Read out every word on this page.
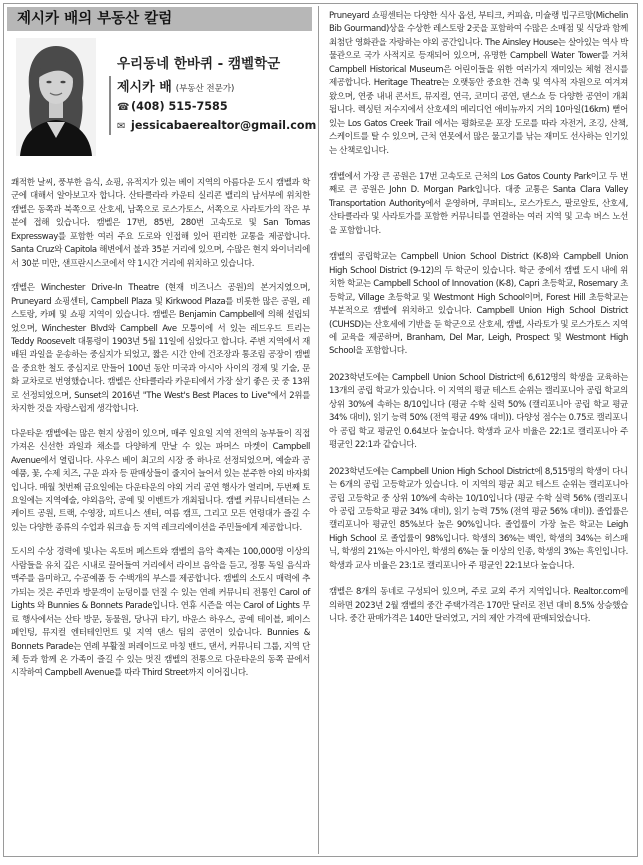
제시카 배의 부동산 칼럼
우리동네 한바퀴 - 캠벨학군
제시카 배 (부동산 전문가)
☎ (408) 515-7585
✉ jessicabaerealtor@gmail.com

쾌적한 날씨, 풍부한 음식, 쇼핑, 유적지가 있는 베이 지역의 아름다운 도시 캠벨과 학군에 대해서 알아보고자 합니다. 산타클라라 카운티 실리콘 밸리의 남서부에 위치한 캠벨은 동쪽과 북쪽으로 산호세, 남쪽으로 로스가토스, 서쪽으로 사라토가의 작은 부분에 접해 있습니다. 캠벨은 17번, 85번, 280번 고속도로 및 San Tomas Expressway를 포함한 여러 주요 도로와 인접해 있어 편리한 교통을 제공합니다. Santa Cruz와 Capitola 해변에서 불과 35분 거리에 있으며, 수많은 현지 와이너리에서 30분 미만, 샌프란시스코에서 약 1시간 거리에 위치하고 있습니다.

캠벨은 Winchester Drive-In Theatre (현재 비즈니스 공원)의 본거지였으며, Pruneyard 쇼핑센터, Campbell Plaza 및 Kirkwood Plaza를 비롯한 많은 공원, 레스토랑, 카페 및 쇼핑 지역이 있습니다. 캠벨은 Benjamin Campbell에 의해 설립되었으며, Winchester Blvd와 Campbell Ave 모퉁이에 서 있는 레드우드 트리는 Teddy Roosevelt 대통령이 1903년 5월 11일에 심었다고 합니다. 주변 지역에서 재배된 과일을 운송하는 중심지가 되었고, 짧은 시간 안에 건조장과 통조림 공장이 캠벨을 중요한 철도 중심지로 만들어 100년 동안 미국과 아시아 사이의 경제 및 기술, 문화 교차로로 번영했습니다. 캠벨은 산타클라라 카운티에서 가장 살기 좋은 곳 중 13위로 선정되었으며, Sunset의 2016년 "The West's Best Places to Live"에서 2위를 차지한 것을 자랑스럽게 생각합니다.

다운타운 캠벨에는 많은 현지 상점이 있으며, 매주 일요일 지역 전역의 농부들이 직접 가져온 신선한 과일과 채소를 다양하게 만날 수 있는 파머스 마켓이 Campbell Avenue에서 열립니다. 사우스 베이 최고의 시장 중 하나로 선정되었으며, 예술과 공예품, 꽃, 수제 치즈, 구운 과자 등 판매상들이 줄지어 늘어서 있는 분주한 야외 바자회입니다. 매월 첫번째 금요일에는 다운타운의 야외 거리 공연 행사가 열리며, 두번째 토요일에는 지역예술, 야외음악, 공예 및 이벤트가 개최됩니다. 캠벨 커뮤니티센터는 스케이트 공원, 트랙, 수영장, 피트니스 센터, 여름 캠프, 그리고 모든 연령대가 즐길 수 있는 다양한 종류의 수업과 워크숍 등 지역 레크리에이션을 주민들에게 제공합니다.

도시의 수상 경력에 빛나는 옥토버 페스트와 캠벨의 음악 축제는 100,000명 이상의 사람들을 유치 깊은 시내로 끌어들여 거리에서 라이브 음악을 듣고, 정통 독일 음식과 맥주를 음미하고, 수공예품 등 수백개의 부스를 제공합니다. 캠벨의 소도시 매력에 추가되는 것은 주민과 방문객이 눈덩이를 던질 수 있는 연례 커뮤니티 전통인 Carol of Lights 와 Bunnies & Bonnets Parade입니다. 연휴 시즌을 여는 Carol of Lights 무료 행사에서는 산타 방문, 동물원, 당나귀 타기, 바운스 하우스, 공예 테이블, 페이스 페인팅, 뮤지컬 엔터테인먼트 및 지역 댄스 팀의 공연이 있습니다. Bunnies & Bonnets Parade는 연례 부활절 퍼레이드로 마칭 밴드, 댄서, 커뮤니티 그룹, 지역 단체 등과 함께 온 가족이 즐길 수 있는 멋진 캠벨의 전통으로 다운타운의 동쪽 끝에서 시작하여 Campbell Avenue를 따라 Third Street까지 이어집니다.

Pruneyard 쇼핑센터는 다양한 식사 옵션, 부티크, 커피숍, 미슐랭 빕구르망(Michelin Bib Gourmand)상을 수상한 레스토랑 2곳을 포함하여 수많은 소매점 및 식당과 함께 최첨단 영화관을 자랑하는 야외 공간입니다. The Ainsley House는 살아있는 역사 박물관으로 국가 사적지로 등재되어 있으며, 유명한 Campbell Water Tower를 거쳐 Campbell Historical Museum은 어린이들을 위한 여러가지 재미있는 체험 전시를 제공합니다. Heritage Theatre는 오랫동안 중요한 건축 및 역사적 자원으로 여겨져 왔으며, 연중 내내 콘서트, 뮤지컬, 연극, 코미디 공연, 댄스쇼 등 다양한 공연이 개최됩니다. 렉싱턴 저수지에서 산호세의 메리디언 애비뉴까지 거의 10마일(16km) 뻗어있는 Los Gatos Creek Trail 에서는 평화로운 포장 도로를 따라 자전거, 조깅, 산책, 스케이트를 탈 수 있으며, 근처 연못에서 많은 물고기를 낚는 재미도 선사하는 인기있는 산책로입니다.

캠벨에서 가장 큰 공원은 17번 고속도로 근처의 Los Gatos County Park이고 두 번째로 큰 공원은 John D. Morgan Park입니다. 대중 교통은 Santa Clara Valley Transportation Authority에서 운영하며, 쿠퍼티노, 로스가토스, 팔로알토, 산호세, 산타클라라 및 사라토가를 포함한 커뮤니티를 연결하는 여러 지역 및 고속 버스 노선을 포함합니다.

캠벨의 공립학교는 Campbell Union School District (K-8)와 Campbell Union High School District (9-12)의 두 학군이 있습니다. 학군 중에서 캠벨 도시 내에 위치한 학교는 Campbell School of Innovation (K-8), Capri 초등학교, Rosemary 초등학교, Village 초등학교 및 Westmont High School이며, Forest Hill 초등학교는 부분적으로 캠벨에 위치하고 있습니다. Campbell Union High School District (CUHSD)는 산호세에 기반을 둔 학군으로 산호세, 캠벨, 사라토가 및 로스가토스 지역에 교육을 제공하며, Branham, Del Mar, Leigh, Prospect 및 Westmont High School을 포함합니다.

2023학년도에는 Campbell Union School District에 6,612명의 학생을 교육하는 13개의 공립 학교가 있습니다. 이 지역의 평균 테스트 순위는 캘리포니아 공립 학교의 상위 30%에 속하는 8/10입니다 (평균 수학 실력 50% (캘리포니아 공립 학교 평균 34% 대비), 읽기 능력 50% (전역 평균 49% 대비)). 다양성 점수는 0.75로 캘리포니아 공립 학교 평균인 0.64보다 높습니다. 학생과 교사 비율은 22:1로 캘리포니아 주 평균인 22:1과 같습니다.

2023학년도에는 Campbell Union High School District에 8,515명의 학생이 다니는 6개의 공립 고등학교가 있습니다. 이 지역의 평균 최고 테스트 순위는 캘리포니아 공립 고등학교 중 상위 10%에 속하는 10/10입니다 (평균 수학 실력 56% (캘리포니아 공립 고등학교 평균 34% 대비), 읽기 능력 75% (전역 평균 56% 대비)). 졸업률은 캘리포니아 평균인 85%보다 높은 90%입니다. 졸업률이 가장 높은 학교는 Leigh High School 로 졸업률이 98%입니다. 학생의 36%는 백인, 학생의 34%는 히스패닉, 학생의 21%는 아시아인, 학생의 6%는 둘 이상의 인종, 학생의 3%는 흑인입니다. 학생과 교사 비율은 23:1로 캘리포니아 주 평균인 22:1보다 높습니다.

캠벨은 8개의 동네로 구성되어 있으며, 주로 교외 주거 지역입니다. Realtor.com에 의하면 2023년 2월 캠벨의 중간 주택가격은 170만 달러로 전년 대비 8.5% 상승했습니다. 중간 판매가격은 140만 달러였고, 거의 제안 가격에 판매되었습니다.
